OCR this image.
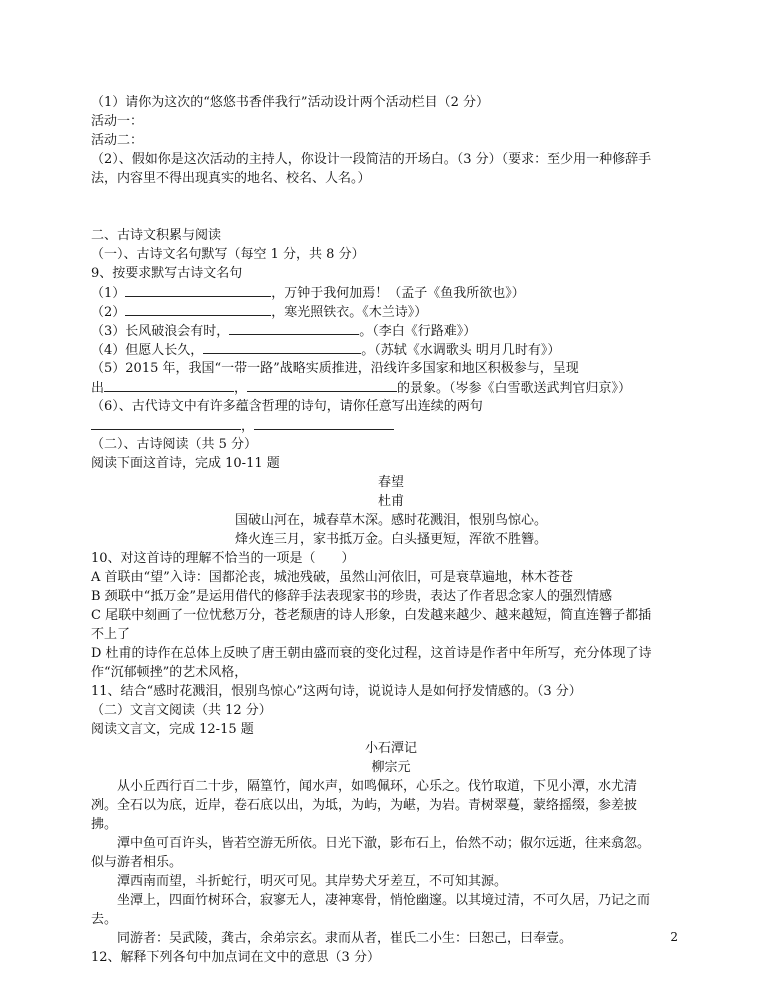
（1）请你为这次的“悠悠书香伴我行”活动设计两个活动栏目（2 分）
活动一：
活动二：
（2）、假如你是这次活动的主持人，你设计一段简洁的开场白。（3 分）（要求：至少用一种修辞手
法，内容里不得出现真实的地名、校名、人名。）
二、古诗文积累与阅读
（一）、古诗文名句默写（每空 1 分，共 8 分）
9、按要求默写古诗文名句
（1）	，万钟于我何加焉！（孟子《鱼我所欲也》）
（2）	，寒光照铁衣。《木兰诗》）
（3）长风破浪会有时，	。（李白《行路难》）
（4）但愿人长久，	。（苏轼《水调歌头 明月几时有》）
（5）2015 年，我国“一带一路”战略实质推进，沿线许多国家和地区积极参与，呈现
出	，	的景象。（岑参《白雪歌送武判官归京》）
（6）、古代诗文中有许多蕴含哲理的诗句，请你任意写出连续的两句
，
（二）、古诗阅读（共 5 分）
阅读下面这首诗，完成 10-11 题
春望
杜甫
国破山河在，城春草木深。感时花溅泪，恨别鸟惊心。
烽火连三月，家书抵万金。白头搔更短，浑欲不胜簪。
10、对这首诗的理解不恰当的一项是（　　）
A 首联由“望”入诗：国都沦丧，城池残破，虽然山河依旧，可是衰草遍地，林木苍苍
B 颈联中“抵万金”是运用借代的修辞手法表现家书的珍贵，表达了作者思念家人的强烈情感
C 尾联中刻画了一位忧愁万分，苍老颓唐的诗人形象，白发越来越少、越来越短，简直连簪子都插
不上了
D 杜甫的诗作在总体上反映了唐王朝由盛而衰的变化过程，这首诗是作者中年所写，充分体现了诗
作“沉郁顿挫”的艺术风格，
11、结合“感时花溅泪，恨别鸟惊心”这两句诗，说说诗人是如何抒发情感的。（3 分）
（二）文言文阅读（共 12 分）
阅读文言文，完成 12-15 题
小石潭记
柳宗元
从小丘西行百二十步，隔篁竹，闻水声，如鸣佩环，心乐之。伐竹取道，下见小潭，水尤清
冽。全石以为底，近岸，卷石底以出，为坻，为屿，为嵁，为岩。青树翠蔓，蒙络摇缀，参差披
拂。
潭中鱼可百许头，皆若空游无所依。日光下澈，影布石上，佁然不动；俶尔远逝，往来翕忽。
似与游者相乐。
潭西南而望，斗折蛇行，明灭可见。其岸势犬牙差互，不可知其源。
坐潭上，四面竹树环合，寂寥无人，凄神寒骨，悄怆幽邃。以其境过清，不可久居，乃记之而
去。
同游者：吴武陵，龚古，余弟宗玄。隶而从者，崔氏二小生：曰恕己，曰奉壹。
12、解释下列各句中加点词在文中的意思（3 分）
2
